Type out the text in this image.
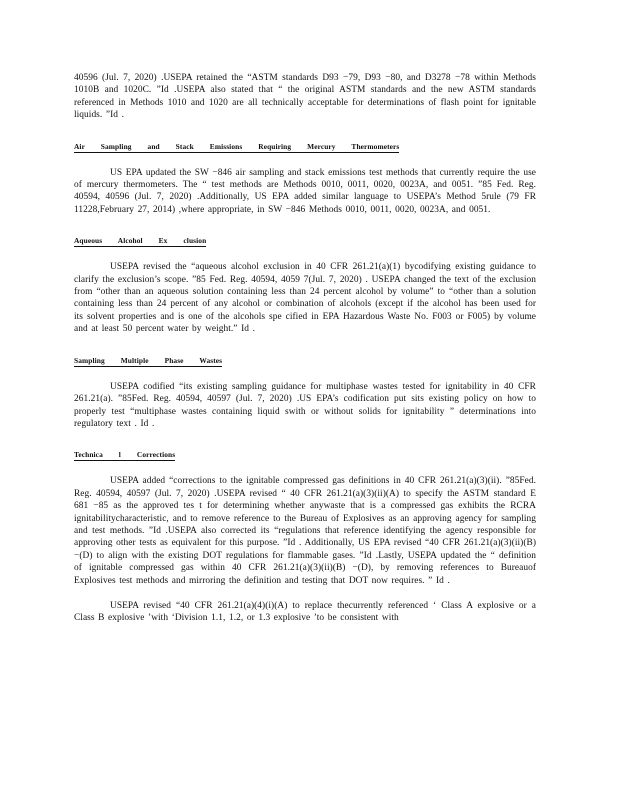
40596 (Jul. 7, 2020) .USEPA retained the “ASTM standards D93 −79, D93 −80, and D3278 −78 within Methods 1010B and 1020C. ”Id .USEPA also stated that “ the original ASTM standards and the new ASTM standards referenced in Methods 1010 and 1020 are all technically acceptable for determinations of flash point for ignitable liquids. ”Id .

Air Sampling and Stack Emissions Requiring Mercury Thermometers

US EPA updated the SW −846 air sampling and stack emissions test methods that currently require the use of mercury thermometers. The “ test methods are Methods 0010, 0011, 0020, 0023A, and 0051. ”85 Fed. Reg. 40594, 40596 (Jul. 7, 2020) .Additionally, US EPA added similar language to USEPA’s Method 5rule (79 FR 11228,February 27, 2014) ,where appropriate, in SW −846 Methods 0010, 0011, 0020, 0023A, and 0051.

Aqueous Alcohol Ex clusion

USEPA revised the “aqueous alcohol exclusion in 40 CFR 261.21(a)(1) bycodifying existing guidance to clarify the exclusion’s scope. ”85 Fed. Reg. 40594, 4059 7(Jul. 7, 2020) . USEPA changed the text of the exclusion from “other than an aqueous solution containing less than 24 percent alcohol by volume” to “other than a solution containing less than 24 percent of any alcohol or combination of alcohols (except if the alcohol has been used for its solvent properties and is one of the alcohols spe cified in EPA Hazardous Waste No. F003 or F005) by volume and at least 50 percent water by weight.” Id .

Sampling Multiple Phase Wastes

USEPA codified “its existing sampling guidance for multiphase wastes tested for ignitability in 40 CFR 261.21(a). ”85Fed. Reg. 40594, 40597 (Jul. 7, 2020) .US EPA’s codification put sits existing policy on how to properly test “multiphase wastes containing liquid swith or without solids for ignitability ” determinations into regulatory text . Id .

Technica l Corrections

USEPA added “corrections to the ignitable compressed gas definitions in 40 CFR 261.21(a)(3)(ii). ”85Fed. Reg. 40594, 40597 (Jul. 7, 2020) .USEPA revised “ 40 CFR 261.21(a)(3)(ii)(A) to specify the ASTM standard E 681 −85 as the approved tes t for determining whether anywaste that is a compressed gas exhibits the RCRA ignitabilitycharacteristic, and to remove reference to the Bureau of Explosives as an approving agency for sampling and test methods. ”Id .USEPA also corrected its “regulations that reference identifying the agency responsible for approving other tests as equivalent for this purpose. ”Id . Additionally, US EPA revised “40 CFR 261.21(a)(3)(ii)(B) −(D) to align with the existing DOT regulations for flammable gases. ”Id .Lastly, USEPA updated the “ definition of ignitable compressed gas within 40 CFR 261.21(a)(3)(ii)(B) −(D), by removing references to Bureauof Explosives test methods and mirroring the definition and testing that DOT now requires. ” Id .

USEPA revised “40 CFR 261.21(a)(4)(i)(A) to replace thecurrently referenced ‘ Class A explosive or a Class B explosive ’with ‘Division 1.1, 1.2, or 1.3 explosive ’to be consistent with
